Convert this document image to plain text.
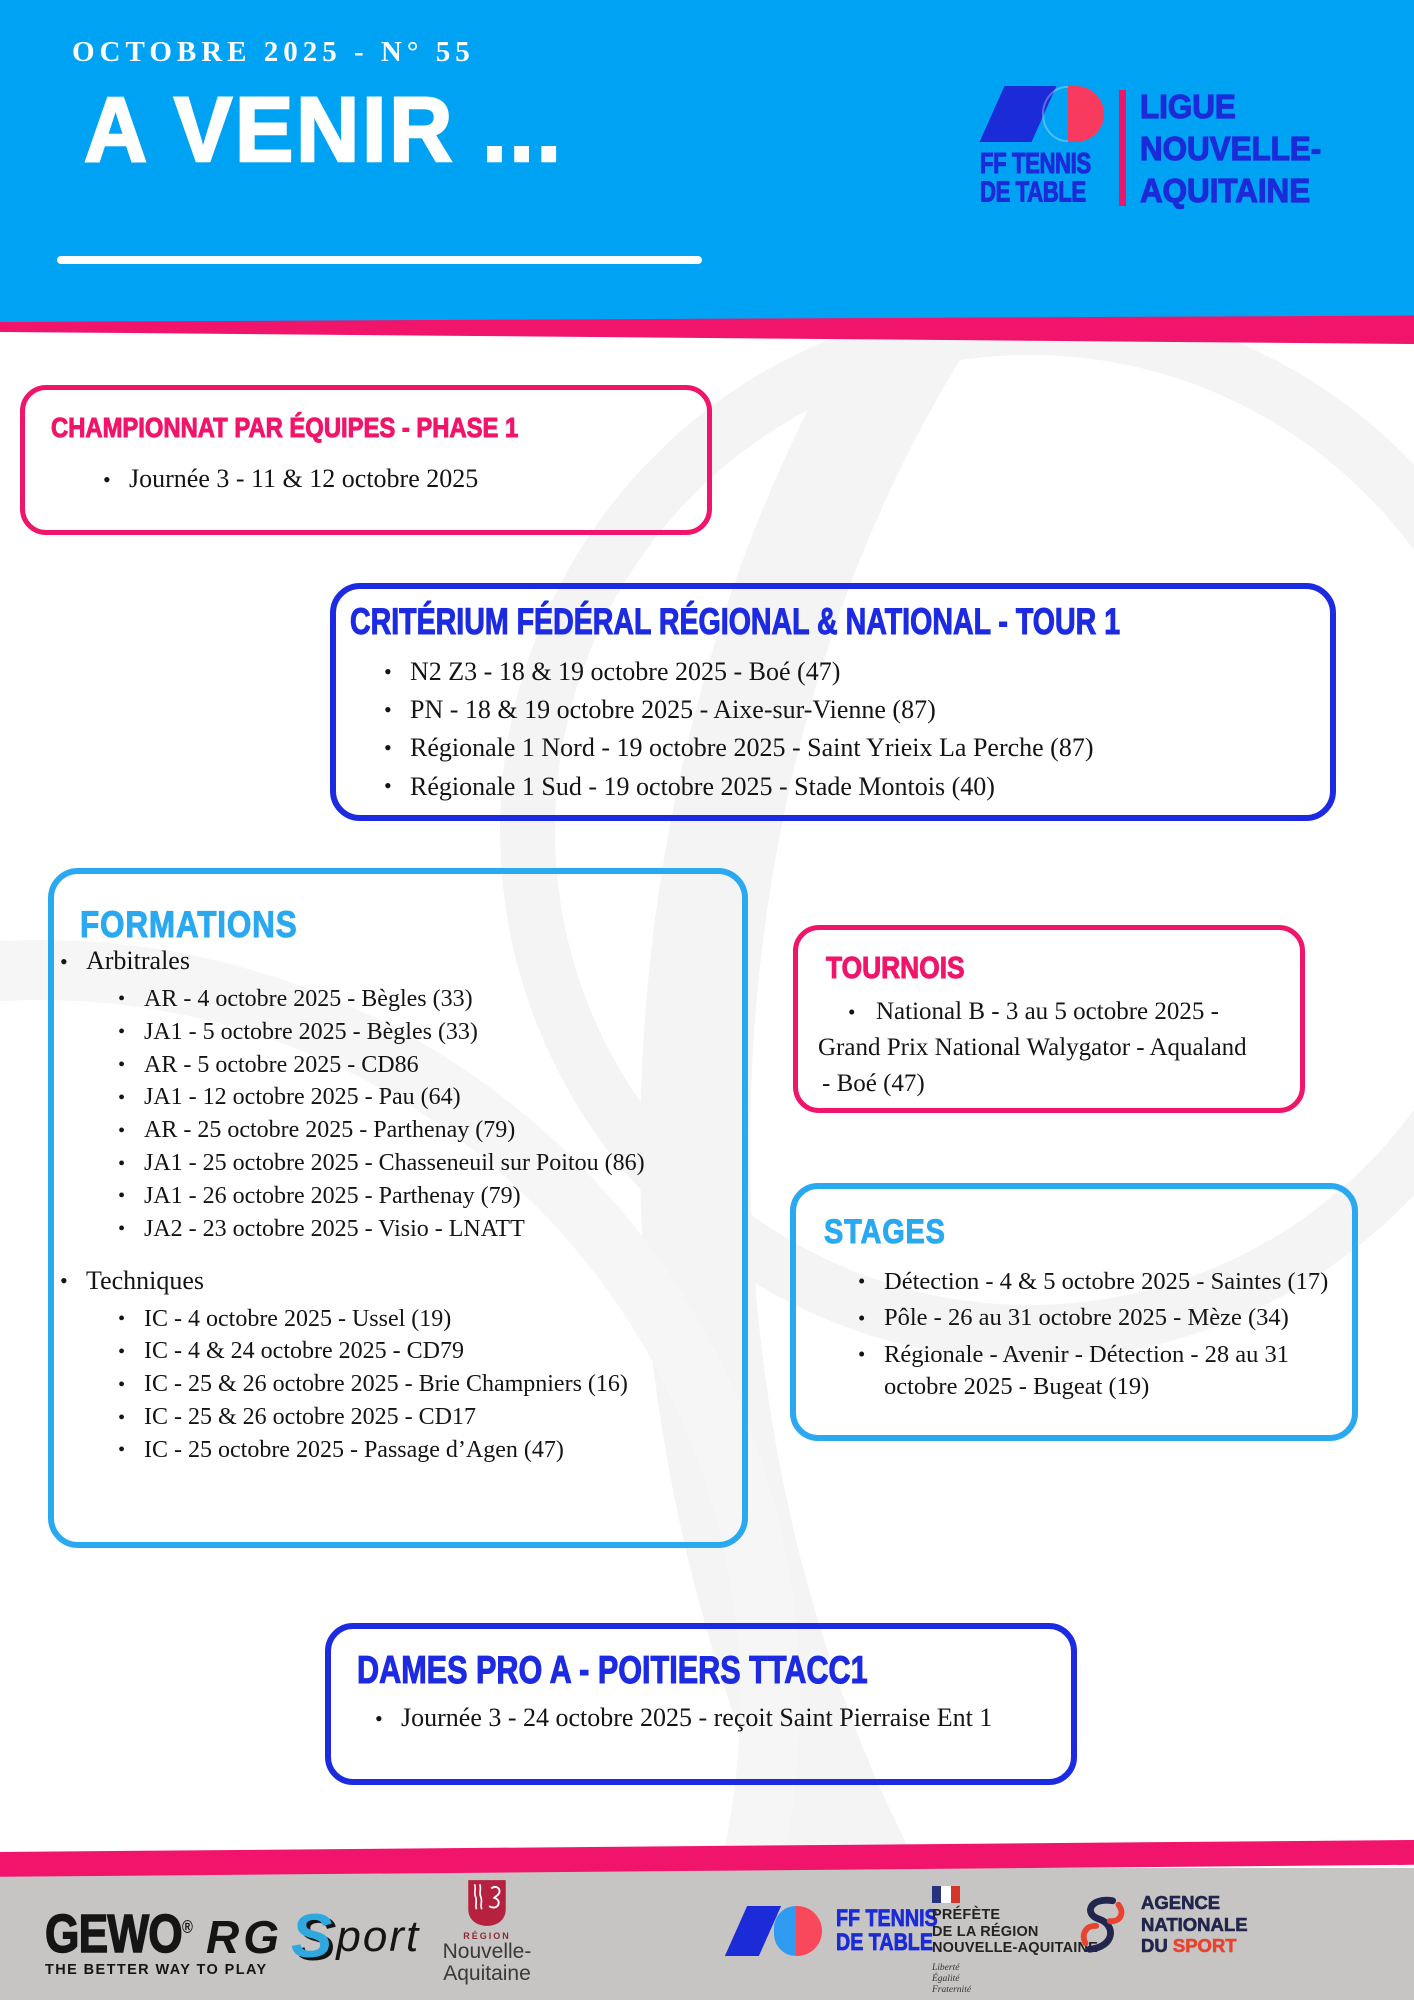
OCTOBRE 2025 - N° 55
A VENIR ...	FF TENNIS
DE TABLE
LIGUE
NOUVELLE-
AQUITAINE
CHAMPIONNAT PAR ÉQUIPES - PHASE 1
• Journée 3 - 11 & 12 octobre 2025
CRITÉRIUM FÉDÉRAL RÉGIONAL & NATIONAL - TOUR 1
• N2 Z3 - 18 & 19 octobre 2025 - Boé (47)
• PN - 18 & 19 octobre 2025 - Aixe-sur-Vienne (87)
• Régionale 1 Nord - 19 octobre 2025 - Saint Yrieix La Perche (87)
• Régionale 1 Sud - 19 octobre 2025 - Stade Montois (40)
FORMATIONS
• Arbitrales
• AR - 4 octobre 2025 - Bègles (33)
• JA1 - 5 octobre 2025 - Bègles (33)
• AR - 5 octobre 2025 - CD86
• JA1 - 12 octobre 2025 - Pau (64)
• AR - 25 octobre 2025 - Parthenay (79)
• JA1 - 25 octobre 2025 - Chasseneuil sur Poitou (86)
• JA1 - 26 octobre 2025 - Parthenay (79)
• JA2 - 23 octobre 2025 - Visio - LNATT
• Techniques
• IC - 4 octobre 2025 - Ussel (19)
• IC - 4 & 24 octobre 2025 - CD79
• IC - 25 & 26 octobre 2025 - Brie Champniers (16)
• IC - 25 & 26 octobre 2025 - CD17
• IC - 25 octobre 2025 - Passage d’Agen (47)
TOURNOIS
• National B - 3 au 5 octobre 2025 -
Grand Prix National Walygator - Aqualand
- Boé (47)
STAGES
• Détection - 4 & 5 octobre 2025 - Saintes (17)
• Pôle - 26 au 31 octobre 2025 - Mèze (34)
• Régionale - Avenir - Détection - 28 au 31 octobre 2025 - Bugeat (19)
DAMES PRO A - POITIERS TTACC1
• Journée 3 - 24 octobre 2025 - reçoit Saint Pierraise Ent 1
GEWO®
THE BETTER WAY TO PLAY
RG S port	RÉGION
Nouvelle-
Aquitaine
FF TENNIS
DE TABLE
PRÉFÈTE
DE LA RÉGION
NOUVELLE-AQUITAINE
Liberté
Égalité
Fraternité
AGENCE
NATIONALE
DU SPORT
